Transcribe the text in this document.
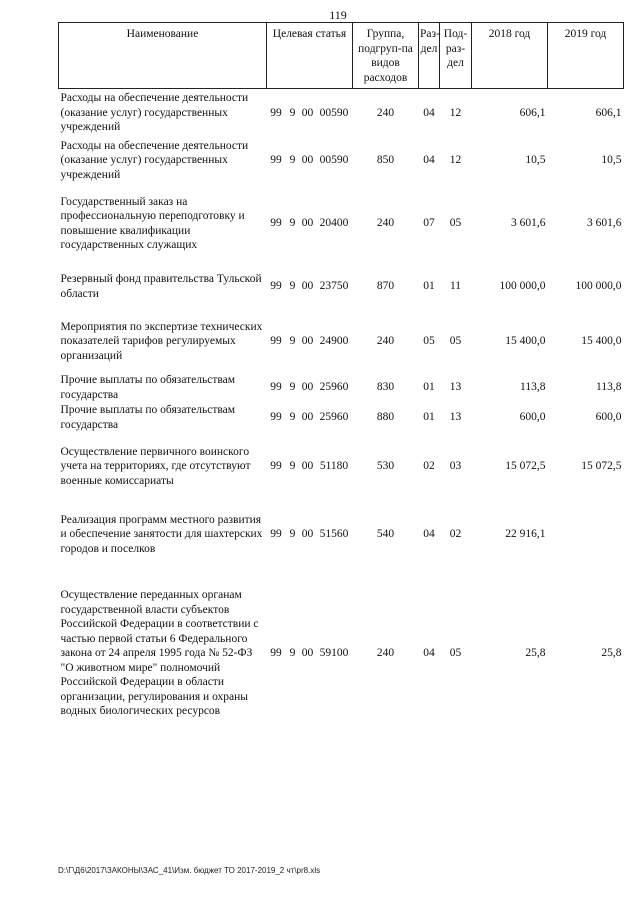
119
Наименование	Целевая статья				Группа, подгруп-па видов расходов	Раз-дел	Под-раз-дел	2018 год	2019 год
Расходы на обеспечение деятельности (оказание услуг) государственных учреждений	99	9	00	00590	240	04	12	606,1	606,1
Расходы на обеспечение деятельности (оказание услуг) государственных учреждений	99	9	00	00590	850	04	12	10,5	10,5
Государственный заказ на профессиональную переподготовку и повышение квалификации государственных служащих	99	9	00	20400	240	07	05	3 601,6	3 601,6
Резервный фонд правительства Тульской области	99	9	00	23750	870	01	11	100 000,0	100 000,0
Мероприятия по экспертизе технических показателей тарифов регулируемых организаций	99	9	00	24900	240	05	05	15 400,0	15 400,0
Прочие выплаты по обязательствам государства	99	9	00	25960	830	01	13	113,8	113,8
Прочие выплаты по обязательствам государства	99	9	00	25960	880	01	13	600,0	600,0
Осуществление первичного воинского учета на территориях, где отсутствуют военные комиссариаты	99	9	00	51180	530	02	03	15 072,5	15 072,5
Реализация программ местного развития и обеспечение занятости для шахтерских городов и поселков	99	9	00	51560	540	04	02	22 916,1	
Осуществление переданных органам государственной власти субъектов Российской Федерации в соответствии с частью первой статьи 6 Федерального закона от 24 апреля 1995 года № 52-ФЗ "О животном мире" полномочий Российской Федерации в области организации, регулирования и охраны водных биологических ресурсов	99	9	00	59100	240	04	05	25,8	25,8
D:\Г\Д6\2017\ЗАКОНЫ\ЗАС_41\Изм. бюджет ТО 2017-2019_2 чт\pr8.xls
